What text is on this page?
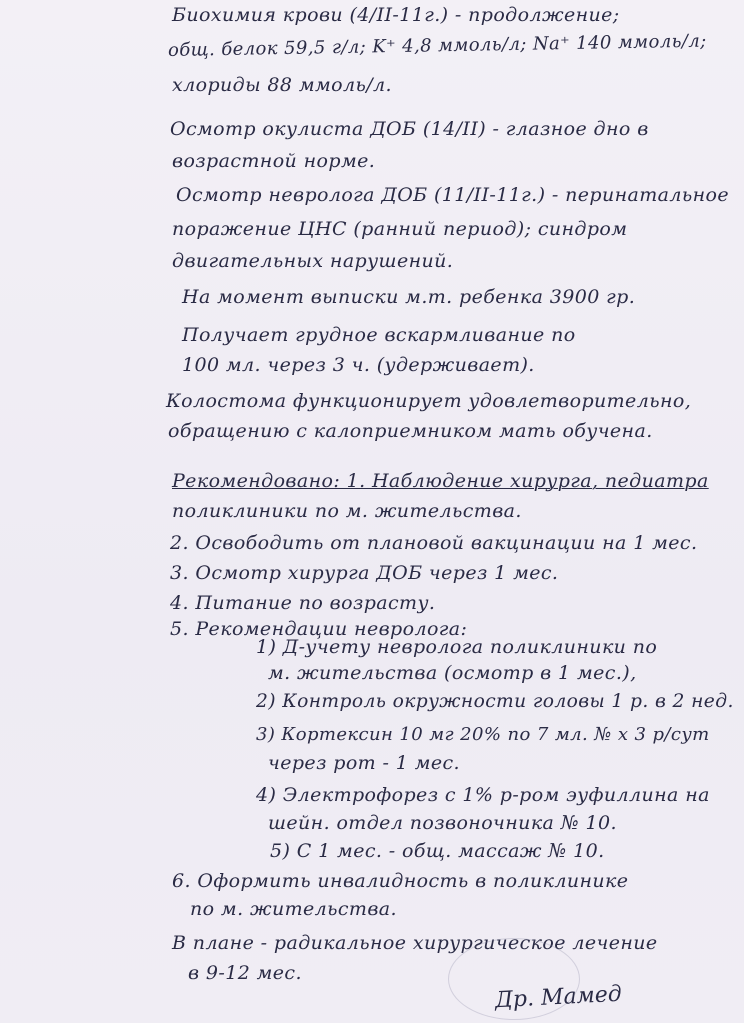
Биохимия крови (4/II-11г.) - продолжение;
общ. белок 59,5 г/л; K⁺ 4,8 ммоль/л; Na⁺ 140 ммоль/л;
хлориды 88 ммоль/л.
Осмотр окулиста ДОБ (14/II) - глазное дно в
возрастной норме.
Осмотр невролога ДОБ (11/II-11г.) - перинатальное
поражение ЦНС (ранний период); синдром
двигательных нарушений.
На момент выписки м.т. ребенка 3900 гр.
Получает грудное вскармливание по
100 мл. через 3 ч. (удерживает).
Колостома функционирует удовлетворительно,
обращению с калоприемником мать обучена.
Рекомендовано: 1. Наблюдение хирурга, педиатра
поликлиники по м. жительства.
2. Освободить от плановой вакцинации на 1 мес.
3. Осмотр хирурга ДОБ через 1 мес.
4. Питание по возрасту.
5. Рекомендации невролога:
1) Д-учету невролога поликлиники по
м. жительства (осмотр в 1 мес.),
2) Контроль окружности головы 1 р. в 2 нед.
3) Кортексин 10 мг 20% по 7 мл. № x 3 р/сут
через рот - 1 мес.
4) Электрофорез с 1% р-ром эуфиллина на
шейн. отдел позвоночника № 10.
5) С 1 мес. - общ. массаж № 10.
6. Оформить инвалидность в поликлинике
по м. жительства.
В плане - радикальное хирургическое лечение
в 9-12 мес.
Др. Мамед
